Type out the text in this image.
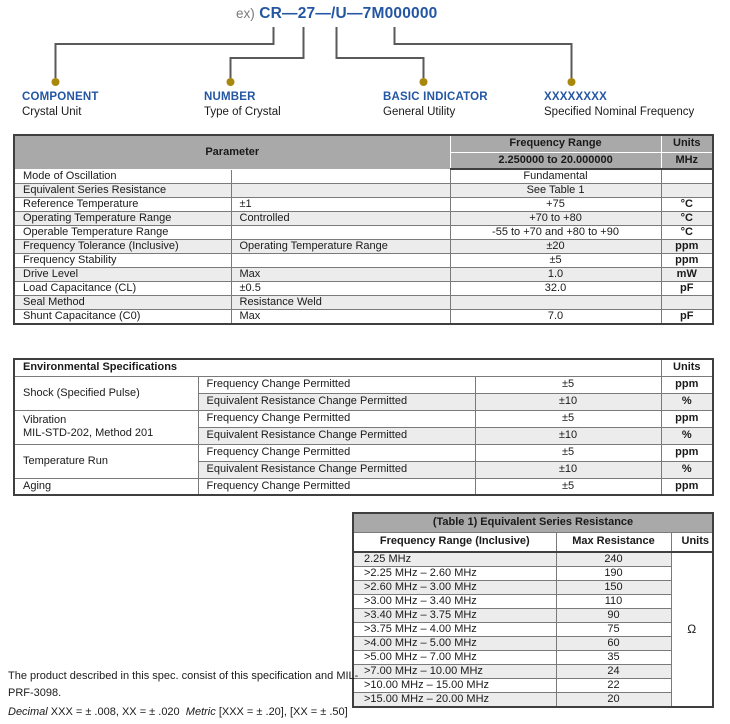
ex) CR—27—/U—7M000000
COMPONENT
Crystal Unit
NUMBER
Type of Crystal
BASIC INDICATOR
General Utility
XXXXXXXX
Specified Nominal Frequency
Parameter		Frequency Range	Units
		2.250000 to 20.000000	MHz
Mode of Oscillation		Fundamental	
Equivalent Series Resistance		See Table 1	
Reference Temperature	±1	+75	°C
Operating Temperature Range	Controlled	+70 to +80	°C
Operable Temperature Range		-55 to +70 and +80 to +90	°C
Frequency Tolerance (Inclusive)	Operating Temperature Range	±20	ppm
Frequency Stability		±5	ppm
Drive Level	Max	1.0	mW
Load Capacitance (CL)	±0.5	32.0	pF
Seal Method	Resistance Weld		
Shunt Capacitance (C0)	Max	7.0	pF
Environmental Specifications			Units
Shock (Specified Pulse)	Frequency Change Permitted	±5	ppm
	Equivalent Resistance Change Permitted	±10	%

Vibration
MIL-STD-202, Method 201	Frequency Change Permitted	±5	ppm
	Equivalent Resistance Change Permitted	±10	%
Temperature Run	Frequency Change Permitted	±5	ppm
	Equivalent Resistance Change Permitted	±10	%
Aging	Frequency Change Permitted	±5	ppm
(Table 1) Equivalent Series Resistance		
Frequency Range (Inclusive)	Max Resistance	Units
2.25 MHz	240	Ω
>2.25 MHz – 2.60 MHz	190	
>2.60 MHz – 3.00 MHz	150	
>3.00 MHz – 3.40 MHz	110	
>3.40 MHz – 3.75 MHz	90	
>3.75 MHz – 4.00 MHz	75	
>4.00 MHz – 5.00 MHz	60	
>5.00 MHz – 7.00 MHz	35	
>7.00 MHz – 10.00 MHz	24	
>10.00 MHz – 15.00 MHz	22	
>15.00 MHz – 20.00 MHz	20	
The product described in this spec. consist of this specification and MIL-PRF-3098.
Decimal XXX = ± .008, XX = ± .020 Metric [XXX = ± .20], [XX = ± .50]
